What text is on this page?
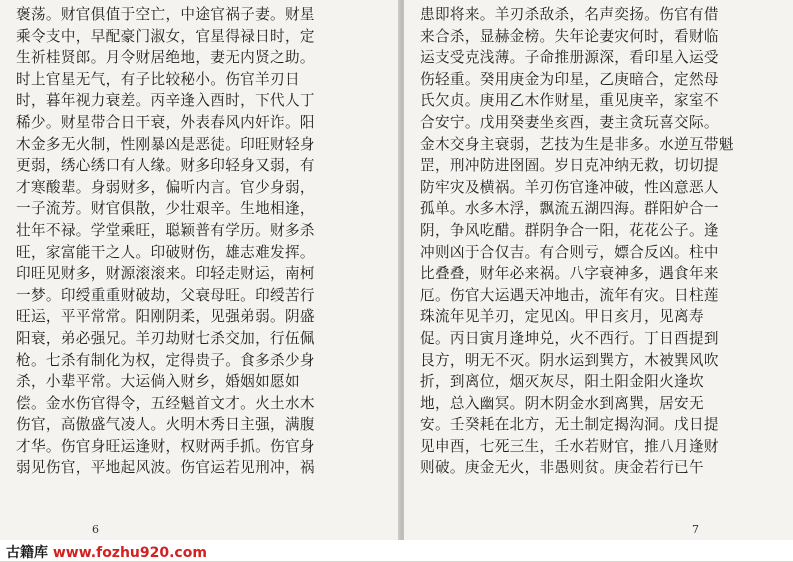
褒荡。财官俱值于空亡，中途官祸子妻。财星
乘令支中，早配豪门淑女，官星得禄日时，定
生祈桂贤郎。月令财居绝地，妻无内贤之助。
时上官星无气，有子比较秘小。伤官羊刃日
时，暮年视力衰差。丙辛逢入酉时，下代人丁
稀少。财星带合日干衰，外表春风内奸诈。阳
木金多无火制，性刚暴凶是恶徒。印旺财轻身
更弱，绣心绣口有人缘。财多印轻身又弱，有
才寒酸辈。身弱财多，偏听内言。官少身弱，
一子流芳。财官俱散，少壮艰辛。生地相逢，
壮年不禄。学堂乘旺，聪颖普有学历。财多杀
旺，家富能干之人。印破财伤，雄志难发挥。
印旺见财多，财源滚滚来。印轻走财运，南柯
一梦。印绶重重财破劫，父衰母旺。印绶苦行
旺运，平平常常。阳刚阴柔，见强弟弱。阴盛
阳衰，弟必强兄。羊刃劫财七杀交加，行伍佩
枪。七杀有制化为权，定得贵子。食多杀少身
杀，小辈平常。大运倘入财乡，婚姻如愿如
偿。金水伤官得令，五经魁首文才。火土水木
伤官，高傲盛气凌人。火明木秀日主强，满腹
才华。伤官身旺运逢财，权财两手抓。伤官身
弱见伤官，平地起风波。伤官运若见刑冲，祸
6
患即将来。羊刃杀敌杀，名声奕扬。伤官有借
来合杀，显赫金榜。失年论妻灾何时，看财临
运支受克浅薄。子命推册源深，看印星入运受
伤轻重。癸用庚金为印星，乙庚暗合，定然母
氏欠贞。庚用乙木作财星，重见庚辛，家室不
合安宁。戊用癸妻坐亥酉，妻主贪玩喜交际。
金木交身主衰弱，艺技为生是非多。水逆互带魁
罡，刑冲防进囹圄。岁日克冲纳无救，切切提
防牢灾及横祸。羊刃伤官逢冲破，性凶意恶人
孤单。水多木浮，飘流五湖四海。群阳妒合一
阴，争风吃醋。群阴争合一阳，花花公子。逢
冲则凶于合仅吉。有合则亏，嫖合反凶。柱中
比叠叠，财年必来祸。八字衰神多，遇食年来
厄。伤官大运遇天冲地击，流年有灾。日柱莲
珠流年见羊刃，定见凶。甲日亥月，见离寿
促。丙日寅月逢坤兑，火不西行。丁日酉提到
艮方，明无不灭。阴水运到巽方，木被巽风吹
折，到离位，烟灭灰尽，阳土阳金阳火逢坎
地，总入幽冥。阴木阴金水到离巽，居安无
安。壬癸耗在北方，无土制定揭沟洞。戊日提
见申酉，七死三生，壬水若财官，推八月逢财
则破。庚金无火，非愚则贫。庚金若行已午
7
古籍库 www.fozhu920.com
